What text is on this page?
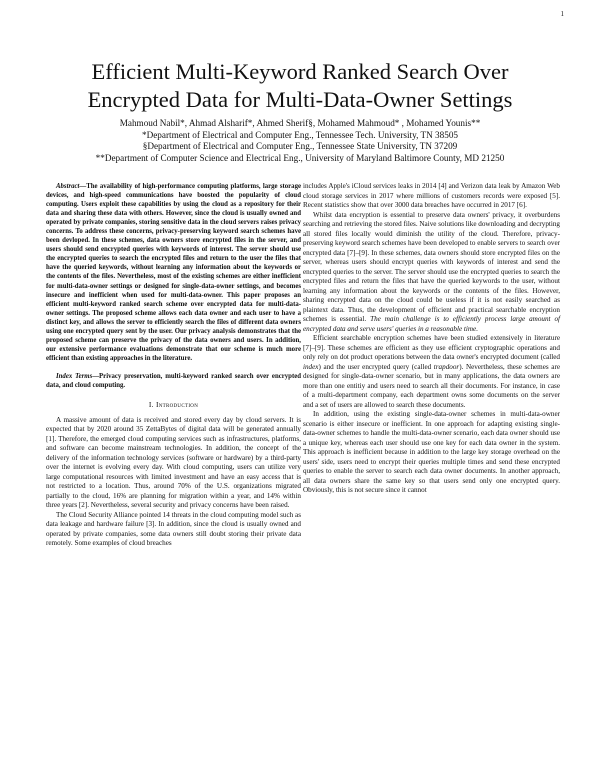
1
Efficient Multi-Keyword Ranked Search Over
Encrypted Data for Multi-Data-Owner Settings
Mahmoud Nabil*, Ahmad Alsharif*, Ahmed Sherif§, Mohamed Mahmoud* , Mohamed Younis**
*Department of Electrical and Computer Eng., Tennessee Tech. University, TN 38505
§Department of Electrical and Computer Eng., Tennessee State University, TN 37209
**Department of Computer Science and Electrical Eng., University of Maryland Baltimore County, MD 21250

Abstract—The availability of high-performance computing platforms, large storage devices, and high-speed communications have boosted the popularity of cloud computing. Users exploit these capabilities by using the cloud as a repository for their data and sharing these data with others. However, since the cloud is usually owned and operated by private companies, storing sensitive data in the cloud servers raises privacy concerns. To address these concerns, privacy-preserving keyword search schemes have been devloped. In these schemes, data owners store encrypted files in the server, and users should send encrypted queries with keywords of interest. The server should use the encrypted queries to search the encrypted files and return to the user the files that have the queried keywords, without learning any information about the keywords or the contents of the files. Nevertheless, most of the existing schemes are either inefficient for multi-data-owner settings or designed for single-data-owner settings, and becomes insecure and inefficient when used for multi-data-owner. This paper proposes an efficient multi-keyword ranked search scheme over encrypted data for multi-data-owner settings. The proposed scheme allows each data owner and each user to have a distinct key, and allows the server to efficiently search the files of different data owners using one encrypted query sent by the user. Our privacy analysis demonstrates that the proposed scheme can preserve the privacy of the data owners and users. In addition, our extensive performance evaluations demonstrate that our scheme is much more efficient than existing approaches in the literature.

Index Terms—Privacy preservation, multi-keyword ranked search over encrypted data, and cloud computing.

I. Introduction

A massive amount of data is received and stored every day by cloud servers. It is expected that by 2020 around 35 ZettaBytes of digital data will be generated annually [1]. Therefore, the emerged cloud computing services such as infrastructures, platforms, and software can become mainstream technologies. In addition, the concept of the delivery of the information technology services (software or hardware) by a third-party over the internet is evolving every day. With cloud computing, users can utilize very large computational resources with limited investment and have an easy access that is not restricted to a location. Thus, around 70% of the U.S. organizations migrated partially to the cloud, 16% are planning for migration within a year, and 14% within three years [2]. Nevertheless, several security and privacy concerns have been raised.

The Cloud Security Alliance pointed 14 threats in the cloud computing model such as data leakage and hardware failure [3]. In addition, since the cloud is usually owned and operated by private companies, some data owners still doubt storing their private data remotely. Some examples of cloud breaches

includes Apple's iCloud services leaks in 2014 [4] and Verizon data leak by Amazon Web cloud storage services in 2017 where millions of customers records were exposed [5]. Recent statistics show that over 3000 data breaches have occurred in 2017 [6].

Whilst data encryption is essential to preserve data owners' privacy, it overburdens searching and retrieving the stored files. Naive solutions like downloading and decrypting all stored files locally would diminish the utility of the cloud. Therefore, privacy-preserving keyword search schemes have been developed to enable servers to search over encrypted data [7]–[9]. In these schemes, data owners should store encrypted files on the server, whereas users should encrypt queries with keywords of interest and send the encrypted queries to the server. The server should use the encrypted queries to search the encrypted files and return the files that have the queried keywords to the user, without learning any information about the keywords or the contents of the files. However, sharing encrypted data on the cloud could be useless if it is not easily searched as plaintext data. Thus, the development of efficient and practical searchable encryption schemes is essential. The main challenge is to efficiently process large amount of encrypted data and serve users' queries in a reasonable time.

Efficient searchable encryption schemes have been studied extensively in literature [7]–[9]. These schemes are efficient as they use efficient cryptographic operations and only rely on dot product operations between the data owner's encrypted document (called index) and the user encrypted query (called trapdoor). Nevertheless, these schemes are designed for single-data-owner scenario, but in many applications, the data owners are more than one entitiy and users need to search all their documents. For instance, in case of a multi-department company, each department owns some documents on the server and a set of users are allowed to search these documents.

In addition, using the existing single-data-owner schemes in multi-data-owner scenario is either insecure or inefficient. In one approach for adapting existing single-data-owner schemes to handle the multi-data-owner scenario, each data owner should use a unique key, whereas each user should use one key for each data owner in the system. This approach is inefficient because in addition to the large key storage overhead on the users' side, users need to encrypt their queries multiple times and send these encrypted queries to enable the server to search each data owner documents. In another approach, all data owners share the same key so that users send only one encrypted query. Obviously, this is not secure since it cannot
